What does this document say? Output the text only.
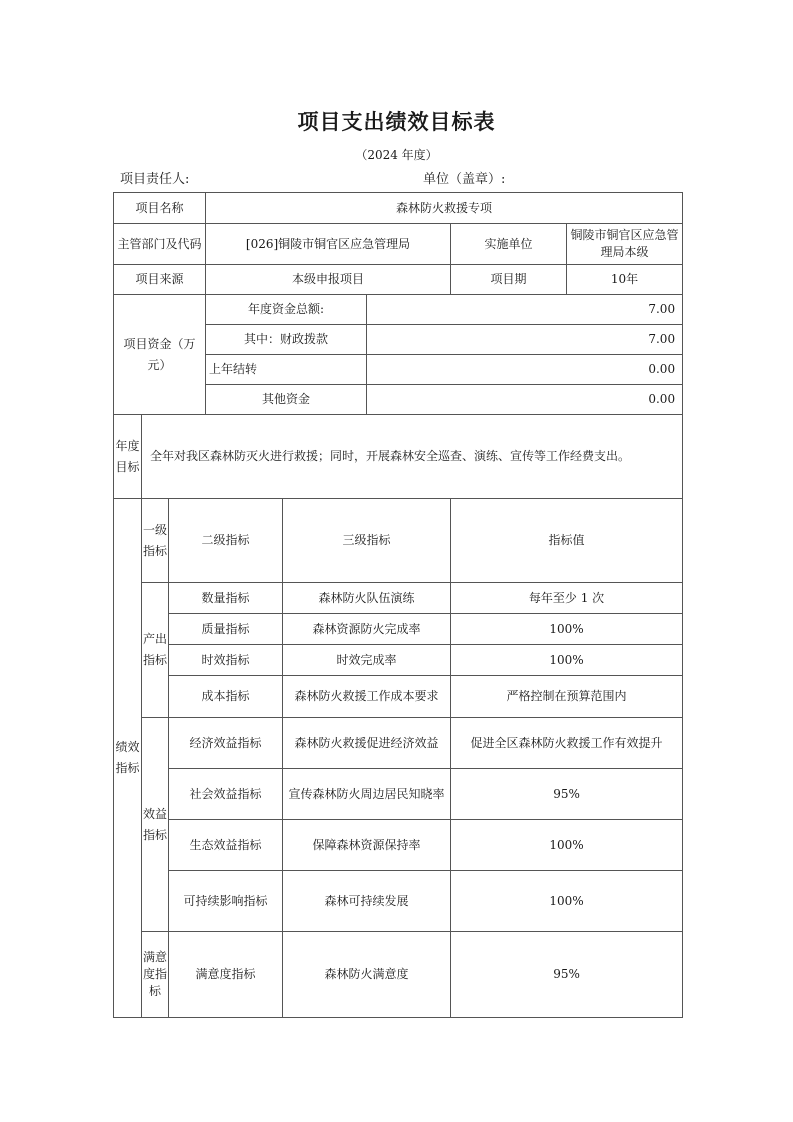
项目支出绩效目标表
（2024 年度）
项目责任人:	单位（盖章）:
项目名称			森林防火救援专项				
主管部门及代码			[026]铜陵市铜官区应急管理局			实施单位	铜陵市铜官区应急管理局本级
项目来源			本级申报项目			项目期	10年
项目资金（万元）			年度资金总额:		7.00		
			其中：财政拨款		7.00		
			上年结转		0.00		
			其他资金		0.00		
年度目标	全年对我区森林防灭火进行救援；同时，开展森林安全巡查、演练、宣传等工作经费支出。						
绩效指标	一级指标	二级指标		三级指标		指标值	
	产出指标	数量指标		森林防火队伍演练		每年至少 1 次	
		质量指标		森林资源防火完成率		100%	
		时效指标		时效完成率		100%	
		成本指标		森林防火救援工作成本要求		严格控制在预算范围内	
	效益指标	经济效益指标		森林防火救援促进经济效益		促进全区森林防火救援工作有效提升	
		社会效益指标		宣传森林防火周边居民知晓率		95%	
		生态效益指标		保障森林资源保持率		100%	
		可持续影响指标		森林可持续发展		100%	
	满意度指标	满意度指标		森林防火满意度		95%	
